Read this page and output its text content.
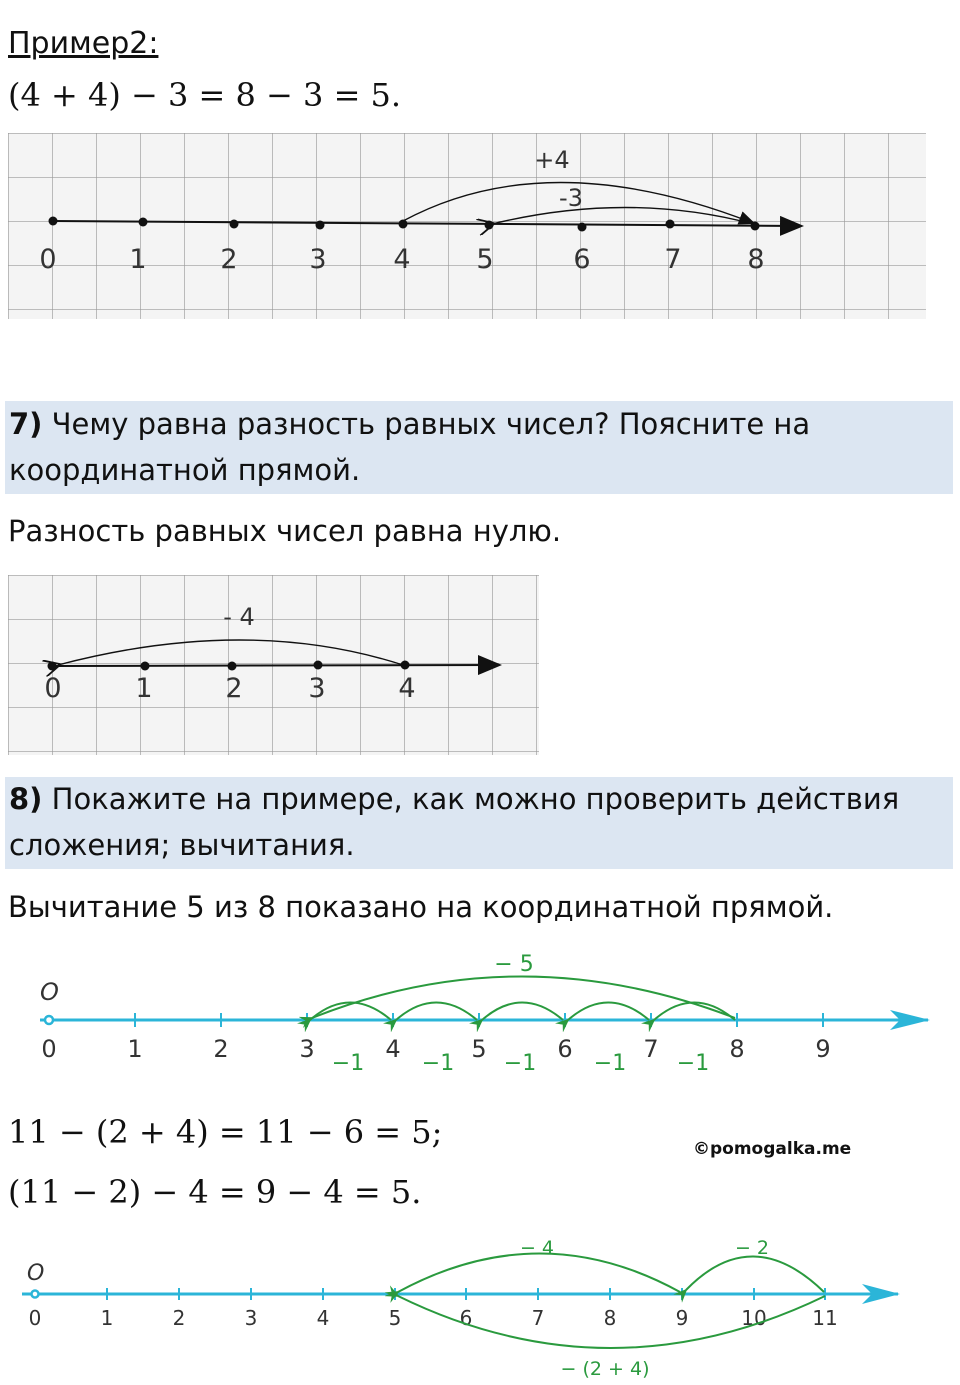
Пример2:
(4 + 4) − 3 = 8 − 3 = 5.
0	1	2	3 4 5	6	7 8
+4
-3
7) Чему равна разность равных чисел? Поясните на
координатной прямой.
Разность равных чисел равна нулю.
0	1	2 3	4
- 4
8) Покажите на примере, как можно проверить действия
сложения; вычитания.
Вычитание 5 из 8 показано на координатной прямой.
O
0	1	2	3	4	5	6	7	8	9
− 5
−1	−1 −1	−1 −1
11 − (2 + 4) = 11 − 6 = 5;	©pomogalka.me
(11 − 2) − 4 = 9 − 4 = 5.
O
0	1	2	3	4	5	6	7	8	9	10 11
− 4	− 2
− (2 + 4)
